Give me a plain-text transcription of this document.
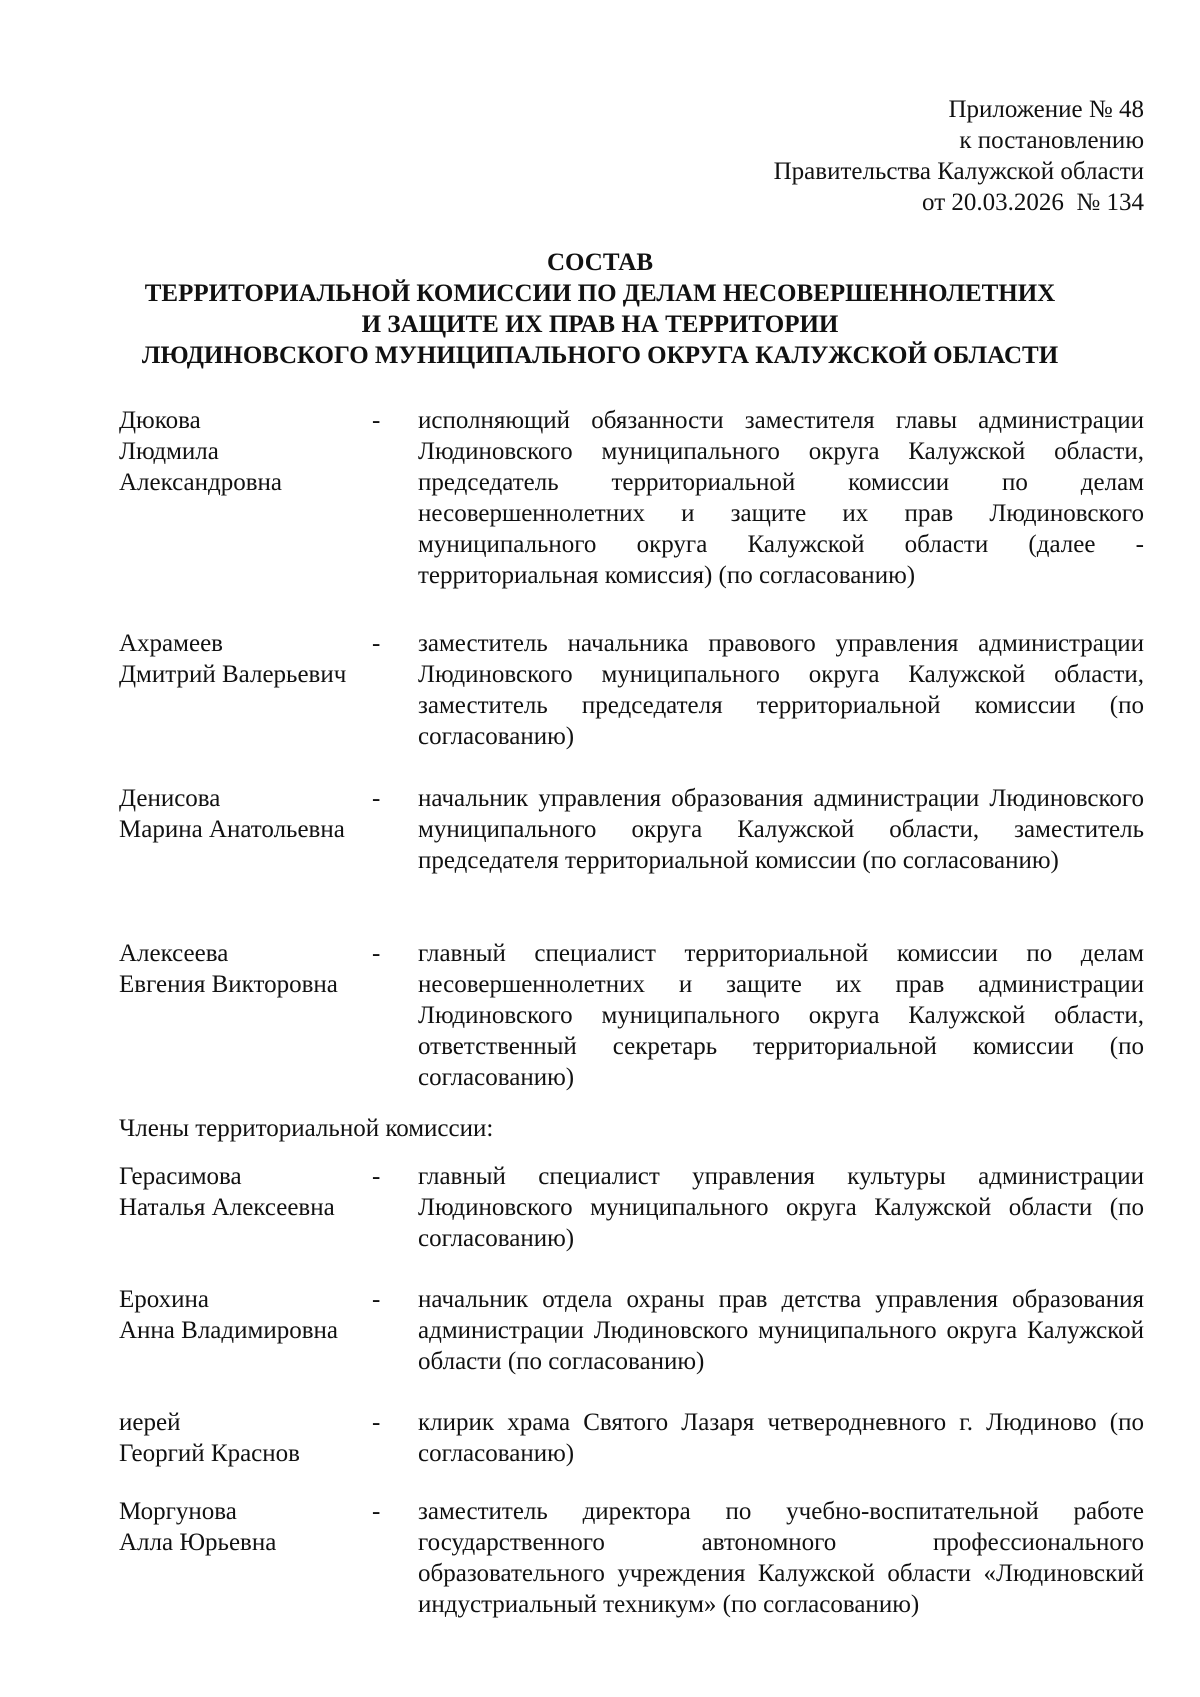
Приложение № 48
к постановлению
Правительства Калужской области
от 20.03.2026  № 134
СОСТАВ
ТЕРРИТОРИАЛЬНОЙ КОМИССИИ ПО ДЕЛАМ НЕСОВЕРШЕННОЛЕТНИХ
И ЗАЩИТЕ ИХ ПРАВ НА ТЕРРИТОРИИ
ЛЮДИНОВСКОГО МУНИЦИПАЛЬНОГО ОКРУГА КАЛУЖСКОЙ ОБЛАСТИ
Дюкова
Людмила
Александровна
- исполняющий обязанности заместителя главы администрации Людиновского муниципального округа Калужской области, председатель территориальной комиссии по делам несовершеннолетних и защите их прав Людиновского муниципального округа Калужской области (далее - территориальная комиссия) (по согласованию)
Ахрамеев
Дмитрий Валерьевич
- заместитель начальника правового управления администрации Людиновского муниципального округа Калужской области, заместитель председателя территориальной комиссии (по согласованию)
Денисова
Марина Анатольевна
- начальник управления образования администрации Людиновского муниципального округа Калужской области, заместитель председателя территориальной комиссии (по согласованию)
Алексеева
Евгения Викторовна
- главный специалист территориальной комиссии по делам несовершеннолетних и защите их прав администрации Людиновского муниципального округа Калужской области, ответственный секретарь территориальной комиссии (по согласованию)
Члены территориальной комиссии:
Герасимова
Наталья Алексеевна
- главный специалист управления культуры администрации Людиновского муниципального округа Калужской области (по согласованию)
Ерохина
Анна Владимировна
- начальник отдела охраны прав детства управления образования администрации Людиновского муниципального округа Калужской области (по согласованию)
иерей
Георгий Краснов
- клирик храма Святого Лазаря четверодневного г. Людиново (по согласованию)
Моргунова
Алла Юрьевна
- заместитель директора по учебно-воспитательной работе государственного автономного профессионального образовательного учреждения Калужской области «Людиновский индустриальный техникум» (по согласованию)
